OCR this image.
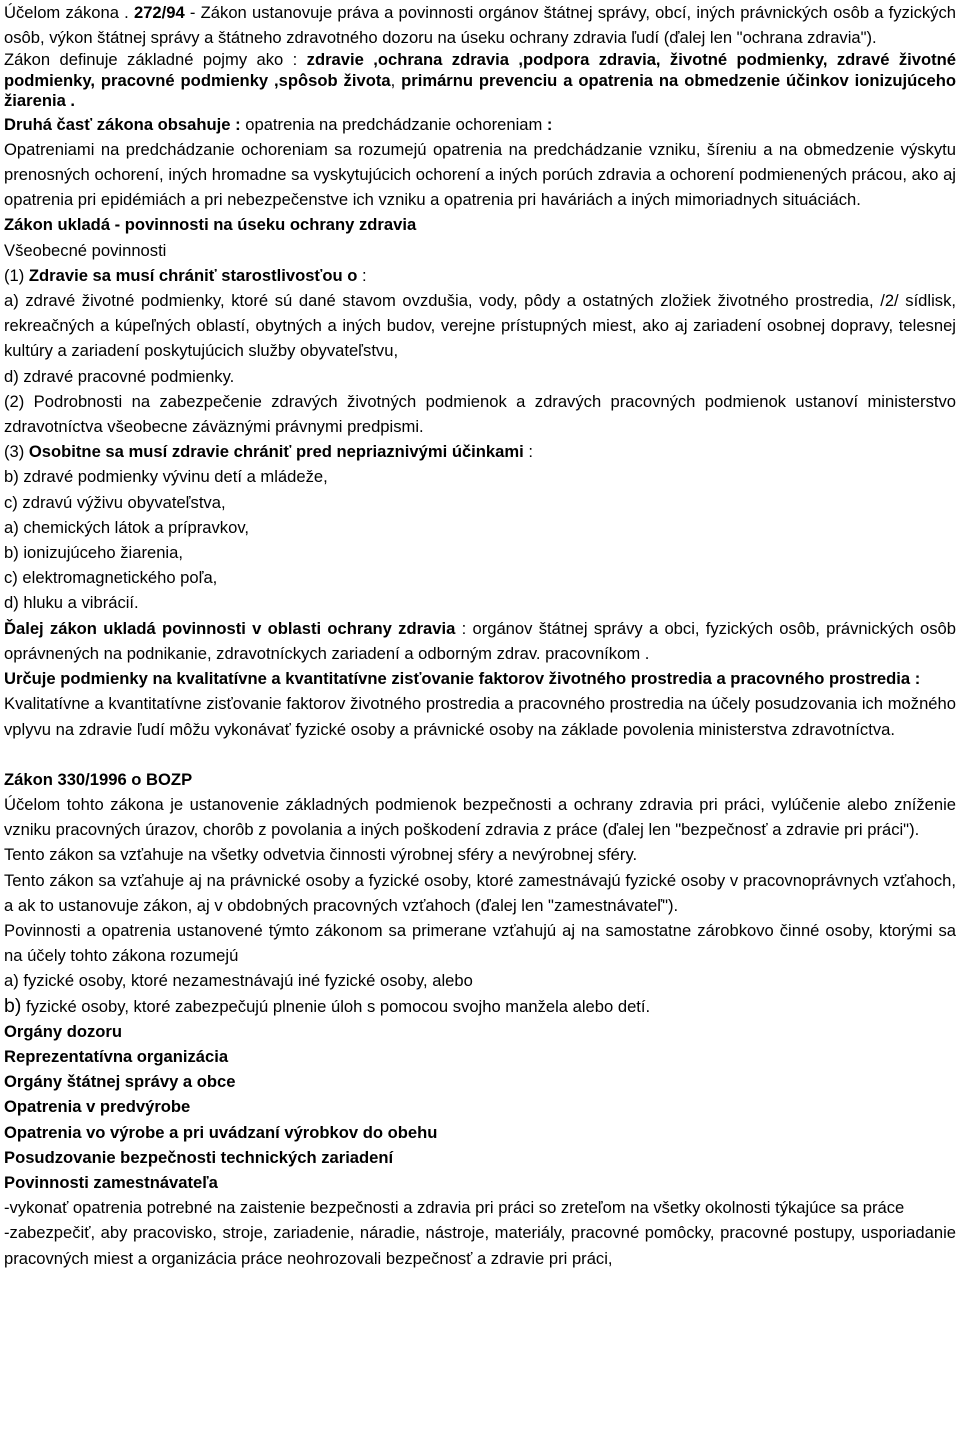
Účelom zákona . 272/94 - Zákon ustanovuje práva a povinnosti orgánov štátnej správy, obcí, iných právnických osôb a fyzických osôb, výkon štátnej správy a štátneho zdravotného dozoru na úseku ochrany zdravia ľudí (ďalej len "ochrana zdravia").

Zákon definuje základné pojmy ako : zdravie ,ochrana zdravia ,podpora zdravia, životné podmienky, zdravé životné podmienky, pracovné podmienky ,spôsob života, primárnu prevenciu a opatrenia na obmedzenie účinkov ionizujúceho žiarenia .

Druhá časť zákona obsahuje : opatrenia na predchádzanie ochoreniam :

Opatreniami na predchádzanie ochoreniam sa rozumejú opatrenia na predchádzanie vzniku, šíreniu a na obmedzenie výskytu prenosných ochorení, iných hromadne sa vyskytujúcich ochorení a iných porúch zdravia a ochorení podmienených prácou, ako aj opatrenia pri epidémiách a pri nebezpečenstve ich vzniku a opatrenia pri haváriách a iných mimoriadnych situáciách.

Zákon ukladá - povinnosti na úseku ochrany zdravia

Všeobecné povinnosti

(1) Zdravie sa musí chrániť starostlivosťou o :

a) zdravé životné podmienky, ktoré sú dané stavom ovzdušia, vody, pôdy a ostatných zložiek životného prostredia, /2/ sídlisk, rekreačných a kúpeľných oblastí, obytných a iných budov, verejne prístupných miest, ako aj zariadení osobnej dopravy, telesnej kultúry a zariadení poskytujúcich služby obyvateľstvu,

d) zdravé pracovné podmienky.

(2) Podrobnosti na zabezpečenie zdravých životných podmienok a zdravých pracovných podmienok ustanoví ministerstvo zdravotníctva všeobecne záväznými právnymi predpismi.

(3) Osobitne sa musí zdravie chrániť pred nepriaznivými účinkami :

b) zdravé podmienky vývinu detí a mládeže,

c) zdravú výživu obyvateľstva,

a) chemických látok a prípravkov,

b) ionizujúceho žiarenia,

c) elektromagnetického poľa,

d) hluku a vibrácií.

Ďalej zákon ukladá povinnosti v oblasti ochrany zdravia : orgánov štátnej správy a obci, fyzických osôb, právnických osôb oprávnených na podnikanie, zdravotníckych zariadení a odborným zdrav. pracovníkom .

Určuje podmienky na kvalitatívne a kvantitatívne zisťovanie faktorov životného prostredia a pracovného prostredia :

Kvalitatívne a kvantitatívne zisťovanie faktorov životného prostredia a pracovného prostredia na účely posudzovania ich možného vplyvu na zdravie ľudí môžu vykonávať fyzické osoby a právnické osoby na základe povolenia ministerstva zdravotníctva.

Zákon 330/1996 o BOZP

Účelom tohto zákona je ustanovenie základných podmienok bezpečnosti a ochrany zdravia pri práci, vylúčenie alebo zníženie vzniku pracovných úrazov, chorôb z povolania a iných poškodení zdravia z práce (ďalej len "bezpečnosť a zdravie pri práci").

Tento zákon sa vzťahuje na všetky odvetvia činnosti výrobnej sféry a nevýrobnej sféry.

Tento zákon sa vzťahuje aj na právnické osoby a fyzické osoby, ktoré zamestnávajú fyzické osoby v pracovnoprávnych vzťahoch, a ak to ustanovuje zákon, aj v obdobných pracovných vzťahoch (ďalej len "zamestnávateľ").

Povinnosti a opatrenia ustanovené týmto zákonom sa primerane vzťahujú aj na samostatne zárobkovo činné osoby, ktorými sa na účely tohto zákona rozumejú

a) fyzické osoby, ktoré nezamestnávajú iné fyzické osoby, alebo

b) fyzické osoby, ktoré zabezpečujú plnenie úloh s pomocou svojho manžela alebo detí.

Orgány dozoru

Reprezentatívna organizácia

Orgány štátnej správy a obce

Opatrenia v predvýrobe

Opatrenia vo výrobe a pri uvádzaní výrobkov do obehu

Posudzovanie bezpečnosti technických zariadení

Povinnosti zamestnávateľa

-vykonať opatrenia potrebné na zaistenie bezpečnosti a zdravia pri práci so zreteľom na všetky okolnosti týkajúce sa práce

-zabezpečiť, aby pracovisko, stroje, zariadenie, náradie, nástroje, materiály, pracovné pomôcky, pracovné postupy, usporiadanie pracovných miest a organizácia práce neohrozovali bezpečnosť a zdravie pri práci,
